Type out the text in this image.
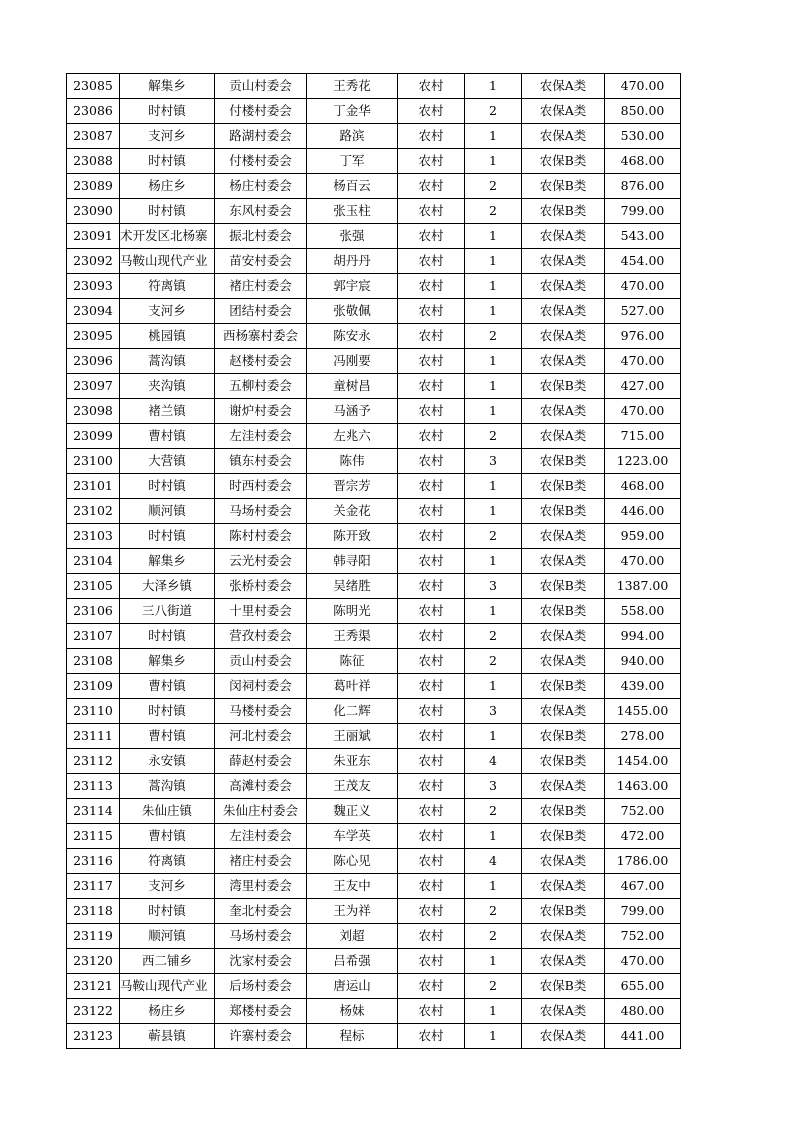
23085	解集乡	贡山村委会	王秀花	农村	1	农保A类	470.00
23086	时村镇	付楼村委会	丁金华	农村	2	农保A类	850.00
23087	支河乡	路湖村委会	路滨	农村	1	农保A类	530.00
23088	时村镇	付楼村委会	丁军	农村	1	农保B类	468.00
23089	杨庄乡	杨庄村委会	杨百云	农村	2	农保B类	876.00
23090	时村镇	东风村委会	张玉柱	农村	2	农保B类	799.00
23091	术开发区北杨寨	振北村委会	张强	农村	1	农保A类	543.00
23092	马鞍山现代产业	苗安村委会	胡丹丹	农村	1	农保A类	454.00
23093	符离镇	褚庄村委会	郭宇宸	农村	1	农保A类	470.00
23094	支河乡	团结村委会	张敬佩	农村	1	农保A类	527.00
23095	桃园镇	西杨寨村委会	陈安永	农村	2	农保A类	976.00
23096	蒿沟镇	赵楼村委会	冯刚要	农村	1	农保A类	470.00
23097	夹沟镇	五柳村委会	童树昌	农村	1	农保B类	427.00
23098	褚兰镇	谢炉村委会	马涵予	农村	1	农保A类	470.00
23099	曹村镇	左洼村委会	左兆六	农村	2	农保A类	715.00
23100	大营镇	镇东村委会	陈伟	农村	3	农保B类	1223.00
23101	时村镇	时西村委会	晋宗芳	农村	1	农保B类	468.00
23102	顺河镇	马场村委会	关金花	农村	1	农保B类	446.00
23103	时村镇	陈村村委会	陈开致	农村	2	农保A类	959.00
23104	解集乡	云光村委会	韩寻阳	农村	1	农保A类	470.00
23105	大泽乡镇	张桥村委会	吴绪胜	农村	3	农保B类	1387.00
23106	三八街道	十里村委会	陈明光	农村	1	农保B类	558.00
23107	时村镇	营孜村委会	王秀渠	农村	2	农保A类	994.00
23108	解集乡	贡山村委会	陈征	农村	2	农保A类	940.00
23109	曹村镇	闵祠村委会	葛叶祥	农村	1	农保B类	439.00
23110	时村镇	马楼村委会	化二辉	农村	3	农保A类	1455.00
23111	曹村镇	河北村委会	王丽斌	农村	1	农保B类	278.00
23112	永安镇	薛赵村委会	朱亚东	农村	4	农保B类	1454.00
23113	蒿沟镇	高滩村委会	王茂友	农村	3	农保A类	1463.00
23114	朱仙庄镇	朱仙庄村委会	魏正义	农村	2	农保B类	752.00
23115	曹村镇	左洼村委会	车学英	农村	1	农保B类	472.00
23116	符离镇	褚庄村委会	陈心见	农村	4	农保A类	1786.00
23117	支河乡	湾里村委会	王友中	农村	1	农保A类	467.00
23118	时村镇	奎北村委会	王为祥	农村	2	农保B类	799.00
23119	顺河镇	马场村委会	刘超	农村	2	农保A类	752.00
23120	西二铺乡	沈家村委会	吕希强	农村	1	农保A类	470.00
23121	马鞍山现代产业	后场村委会	唐运山	农村	2	农保B类	655.00
23122	杨庄乡	郑楼村委会	杨妹	农村	1	农保A类	480.00
23123	蕲县镇	许寨村委会	程标	农村	1	农保A类	441.00
